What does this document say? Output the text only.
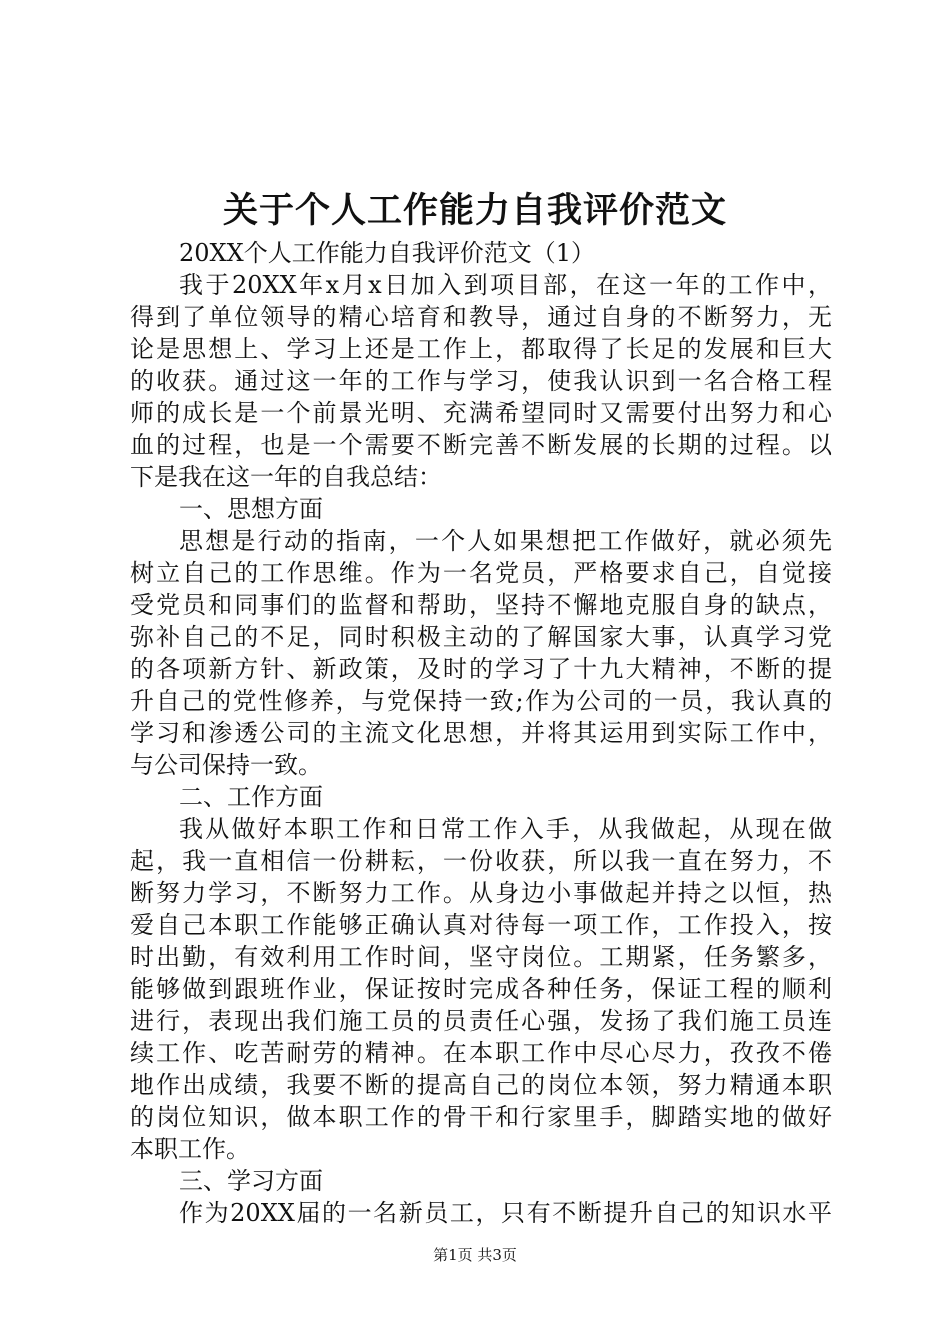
关于个人工作能力自我评价范文
20XX个人工作能力自我评价范文（1）
我于20XX年x月x日加入到项目部，在这一年的工作中，
得到了单位领导的精心培育和教导，通过自身的不断努力，无
论是思想上、学习上还是工作上，都取得了长足的发展和巨大
的收获。通过这一年的工作与学习，使我认识到一名合格工程
师的成长是一个前景光明、充满希望同时又需要付出努力和心
血的过程，也是一个需要不断完善不断发展的长期的过程。以
下是我在这一年的自我总结：
一、思想方面
思想是行动的指南，一个人如果想把工作做好，就必须先
树立自己的工作思维。作为一名党员，严格要求自己，自觉接
受党员和同事们的监督和帮助，坚持不懈地克服自身的缺点，
弥补自己的不足，同时积极主动的了解国家大事，认真学习党
的各项新方针、新政策，及时的学习了十九大精神，不断的提
升自己的党性修养，与党保持一致;作为公司的一员，我认真的
学习和渗透公司的主流文化思想，并将其运用到实际工作中，
与公司保持一致。
二、工作方面
我从做好本职工作和日常工作入手，从我做起，从现在做
起，我一直相信一份耕耘，一份收获，所以我一直在努力，不
断努力学习，不断努力工作。从身边小事做起并持之以恒，热
爱自己本职工作能够正确认真对待每一项工作，工作投入，按
时出勤，有效利用工作时间，坚守岗位。工期紧，任务繁多，
能够做到跟班作业，保证按时完成各种任务，保证工程的顺利
进行，表现出我们施工员的员责任心强，发扬了我们施工员连
续工作、吃苦耐劳的精神。在本职工作中尽心尽力，孜孜不倦
地作出成绩，我要不断的提高自己的岗位本领，努力精通本职
的岗位知识，做本职工作的骨干和行家里手，脚踏实地的做好
本职工作。
三、学习方面
作为20XX届的一名新员工，只有不断提升自己的知识水平
第1页 共3页
